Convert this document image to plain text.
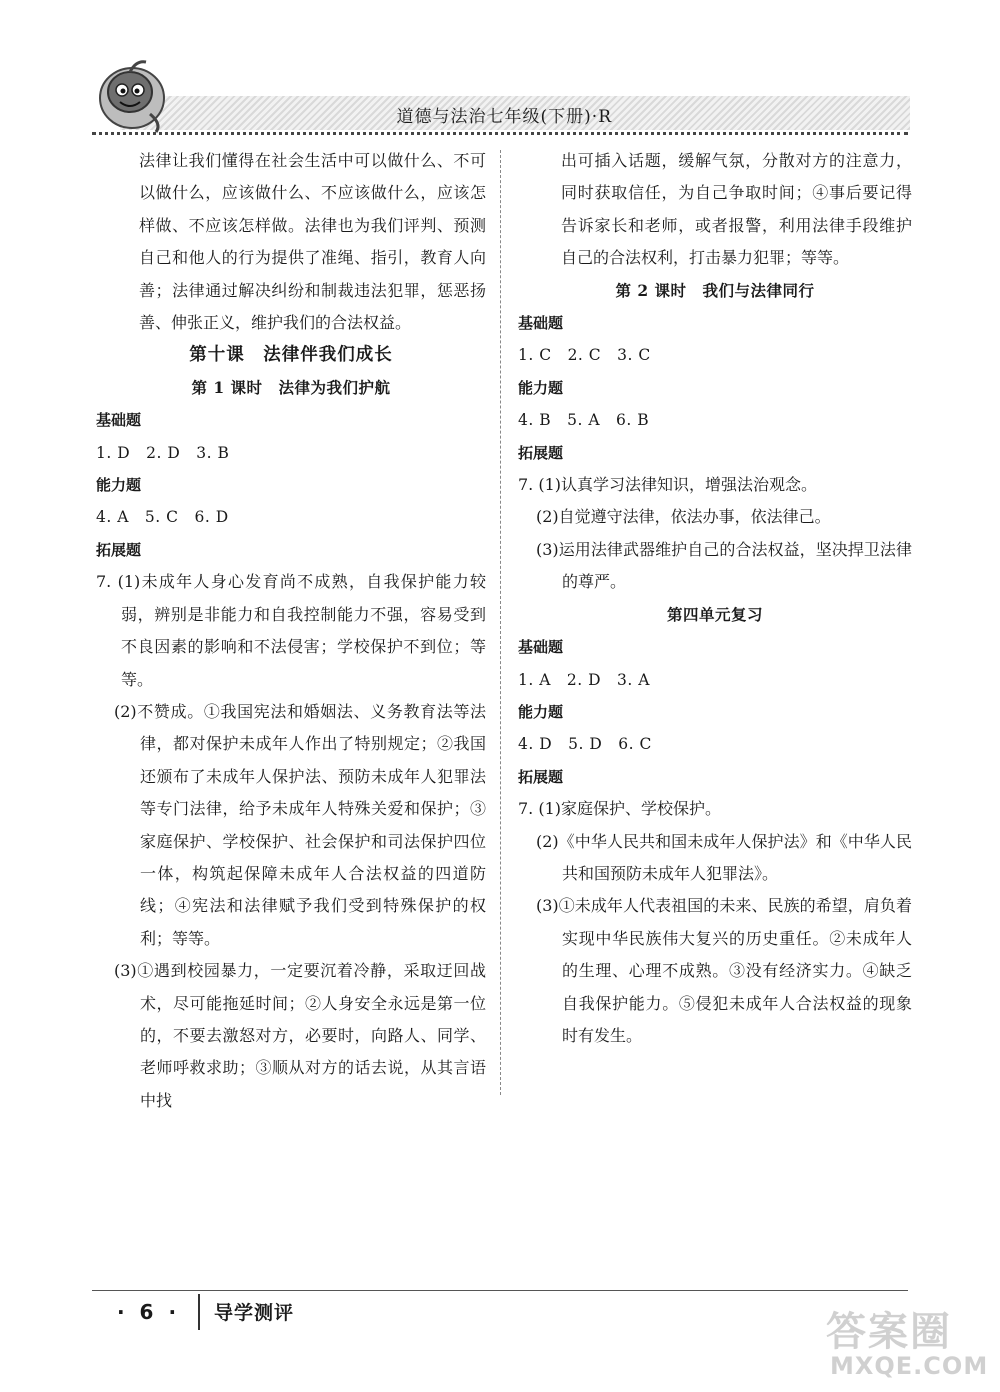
道德与法治七年级(下册)·R

法律让我们懂得在社会生活中可以做什么、不可以做什么，应该做什么、不应该做什么，应该怎样做、不应该怎样做。法律也为我们评判、预测自己和他人的行为提供了准绳、指引，教育人向善；法律通过解决纠纷和制裁违法犯罪，惩恶扬善、伸张正义，维护我们的合法权益。

第十课　法律伴我们成长

第 1 课时　法律为我们护航

基础题

1. D　2. D　3. B

能力题

4. A　5. C　6. D

拓展题

7. (1)未成年人身心发育尚不成熟，自我保护能力较弱，辨别是非能力和自我控制能力不强，容易受到不良因素的影响和不法侵害；学校保护不到位；等等。

(2)不赞成。①我国宪法和婚姻法、义务教育法等法律，都对保护未成年人作出了特别规定；②我国还颁布了未成年人保护法、预防未成年人犯罪法等专门法律，给予未成年人特殊关爱和保护；③家庭保护、学校保护、社会保护和司法保护四位一体，构筑起保障未成年人合法权益的四道防线；④宪法和法律赋予我们受到特殊保护的权利；等等。

(3)①遇到校园暴力，一定要沉着冷静，采取迂回战术，尽可能拖延时间；②人身安全永远是第一位的，不要去激怒对方，必要时，向路人、同学、老师呼救求助；③顺从对方的话去说，从其言语中找

出可插入话题，缓解气氛，分散对方的注意力，同时获取信任，为自己争取时间；④事后要记得告诉家长和老师，或者报警，利用法律手段维护自己的合法权利，打击暴力犯罪；等等。

第 2 课时　我们与法律同行

基础题

1. C　2. C　3. C

能力题

4. B　5. A　6. B

拓展题

7. (1)认真学习法律知识，增强法治观念。

(2)自觉遵守法律，依法办事，依法律己。

(3)运用法律武器维护自己的合法权益，坚决捍卫法律的尊严。

第四单元复习

基础题

1. A　2. D　3. A

能力题

4. D　5. D　6. C

拓展题

7. (1)家庭保护、学校保护。

(2)《中华人民共和国未成年人保护法》和《中华人民共和国预防未成年人犯罪法》。

(3)①未成年人代表祖国的未来、民族的希望，肩负着实现中华民族伟大复兴的历史重任。②未成年人的生理、心理不成熟。③没有经济实力。④缺乏自我保护能力。⑤侵犯未成年人合法权益的现象时有发生。

· 6 · 导学测评	答案圈
MXQE.COM
